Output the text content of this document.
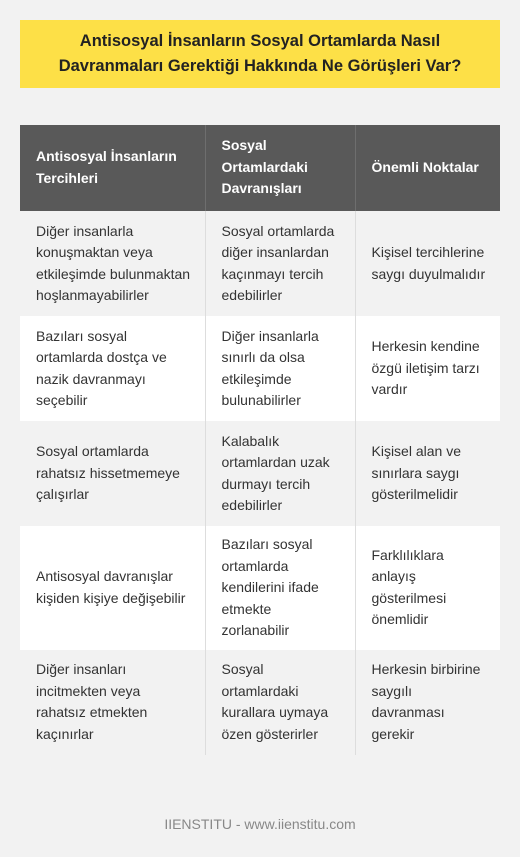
Antisosyal İnsanların Sosyal Ortamlarda Nasıl Davranmaları Gerektiği Hakkında Ne Görüşleri Var?
Antisosyal İnsanların Tercihleri	Sosyal Ortamlardaki Davranışları	Önemli Noktalar
Diğer insanlarla konuşmaktan veya etkileşimde bulunmaktan hoşlanmayabilirler	Sosyal ortamlarda diğer insanlardan kaçınmayı tercih edebilirler	Kişisel tercihlerine saygı duyulmalıdır
Bazıları sosyal ortamlarda dostça ve nazik davranmayı seçebilir	Diğer insanlarla sınırlı da olsa etkileşimde bulunabilirler	Herkesin kendine özgü iletişim tarzı vardır
Sosyal ortamlarda rahatsız hissetmemeye çalışırlar	Kalabalık ortamlardan uzak durmayı tercih edebilirler	Kişisel alan ve sınırlara saygı gösterilmelidir
Antisosyal davranışlar kişiden kişiye değişebilir	Bazıları sosyal ortamlarda kendilerini ifade etmekte zorlanabilir	Farklılıklara anlayış gösterilmesi önemlidir
Diğer insanları incitmekten veya rahatsız etmekten kaçınırlar	Sosyal ortamlardaki kurallara uymaya özen gösterirler	Herkesin birbirine saygılı davranması gerekir
IIENSTITU - www.iienstitu.com
